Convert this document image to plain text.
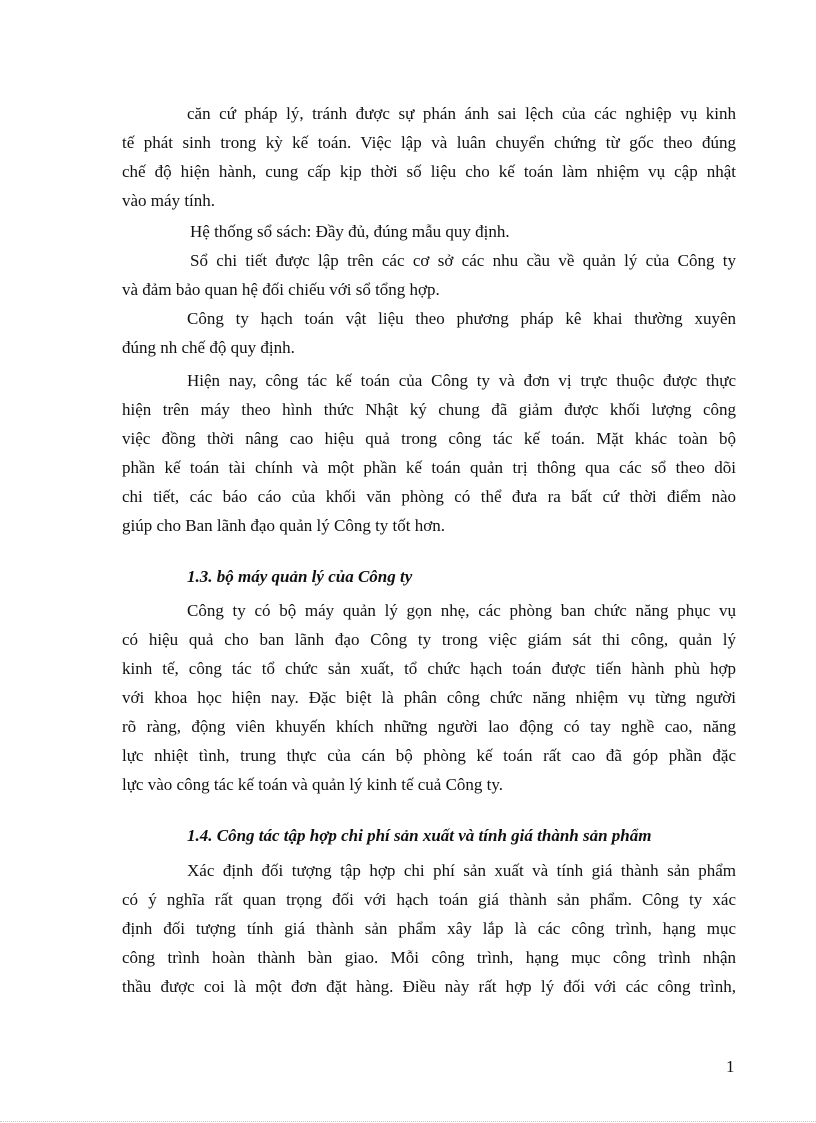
căn cứ pháp lý, tránh được sự phán ánh sai lệch của các nghiệp vụ kinh
tế phát sinh trong kỳ kế toán. Việc lập và luân chuyển chứng từ gốc theo đúng
chế độ hiện hành, cung cấp kịp thời số liệu cho kế toán làm nhiệm vụ cập nhật
vào máy tính.
Hệ thống sổ sách: Đầy đủ, đúng mẫu quy định.
Sổ chi tiết được lập trên các cơ sở các nhu cầu về quản lý của Công ty
và đảm bảo quan hệ đối chiếu với sổ tổng hợp.
Công ty hạch toán vật liệu theo phương pháp kê khai thường xuyên
đúng nh chế độ quy định.
Hiện nay, công tác kế toán của Công ty và đơn vị trực thuộc được thực
hiện trên máy theo hình thức Nhật ký chung đã giảm được khối lượng công
việc đồng thời nâng cao hiệu quả trong công tác kế toán. Mặt khác toàn bộ
phần kế toán tài chính và một phần kế toán quản trị thông qua các sổ theo dõi
chi tiết, các báo cáo của khối văn phòng có thể đưa ra bất cứ thời điểm nào
giúp cho Ban lãnh đạo quản lý Công ty tốt hơn.
1.3. bộ máy quản lý của Công ty
Công ty có bộ máy quản lý gọn nhẹ, các phòng ban chức năng phục vụ
có hiệu quả cho ban lãnh đạo Công ty trong việc giám sát thi công, quản lý
kinh tế, công tác tổ chức sản xuất, tổ chức hạch toán được tiến hành phù hợp
với khoa học hiện nay. Đặc biệt là phân công chức năng nhiệm vụ từng người
rõ ràng, động viên khuyến khích những người lao động có tay nghề cao, năng
lực nhiệt tình, trung thực của cán bộ phòng kế toán rất cao đã góp phần đặc
lực vào công tác kế toán và quản lý kinh tế cuả Công ty.
1.4. Công tác tập hợp chi phí sản xuất và tính giá thành sản phẩm
Xác định đối tượng tập hợp chi phí sản xuất và tính giá thành sản phẩm
có ý nghĩa rất quan trọng đối với hạch toán giá thành sản phẩm. Công ty xác
định đối tượng tính giá thành sản phẩm xây lắp là các công trình, hạng mục
công trình hoàn thành bàn giao. Mỗi công trình, hạng mục công trình nhận
thầu được coi là một đơn đặt hàng. Điều này rất hợp lý đối với các công trình,
1
